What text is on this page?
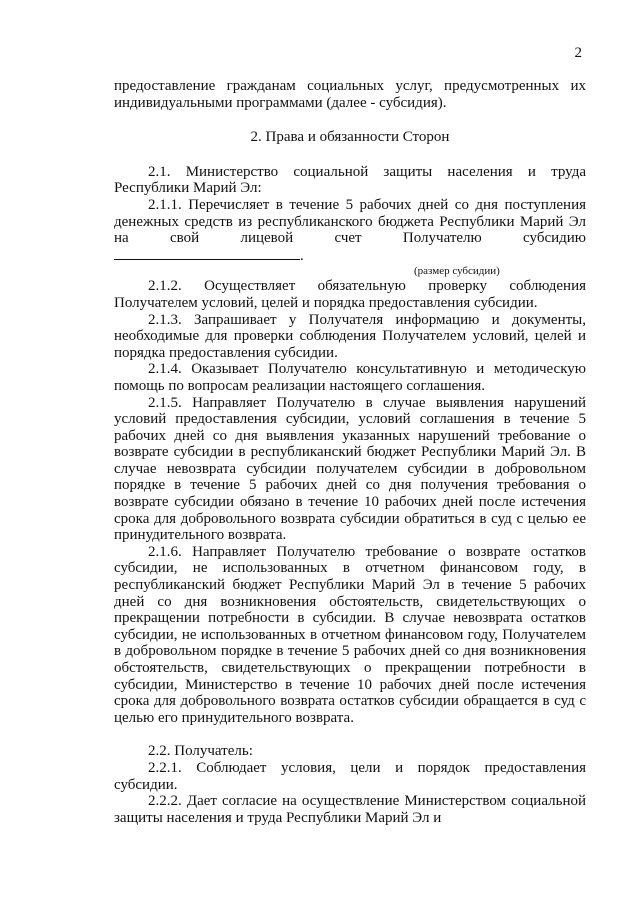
2

предоставление гражданам социальных услуг, предусмотренных их индивидуальными программами (далее - субсидия).

2. Права и обязанности Сторон

2.1. Министерство социальной защиты населения и труда Республики Марий Эл:

2.1.1. Перечисляет в течение 5 рабочих дней со дня поступления денежных средств из республиканского бюджета Республики Марий Эл на свой лицевой счет Получателю субсидию .

(размер субсидии)

2.1.2. Осуществляет обязательную проверку соблюдения Получателем условий, целей и порядка предоставления субсидии.

2.1.3. Запрашивает у Получателя информацию и документы, необходимые для проверки соблюдения Получателем условий, целей и порядка предоставления субсидии.

2.1.4. Оказывает Получателю консультативную и методическую помощь по вопросам реализации настоящего соглашения.

2.1.5. Направляет Получателю в случае выявления нарушений условий предоставления субсидии, условий соглашения в течение 5 рабочих дней со дня выявления указанных нарушений требование о возврате субсидии в республиканский бюджет Республики Марий Эл. В случае невозврата субсидии получателем субсидии в добровольном порядке в течение 5 рабочих дней со дня получения требования о возврате субсидии обязано в течение 10 рабочих дней после истечения срока для добровольного возврата субсидии обратиться в суд с целью ее принудительного возврата.

2.1.6. Направляет Получателю требование о возврате остатков субсидии, не использованных в отчетном финансовом году, в республиканский бюджет Республики Марий Эл в течение 5 рабочих дней со дня возникновения обстоятельств, свидетельствующих о прекращении потребности в субсидии. В случае невозврата остатков субсидии, не использованных в отчетном финансовом году, Получателем в добровольном порядке в течение 5 рабочих дней со дня возникновения обстоятельств, свидетельствующих о прекращении потребности в субсидии, Министерство в течение 10 рабочих дней после истечения срока для добровольного возврата остатков субсидии обращается в суд с целью его принудительного возврата.

2.2. Получатель:

2.2.1. Соблюдает условия, цели и порядок предоставления субсидии.

2.2.2. Дает согласие на осуществление Министерством социальной защиты населения и труда Республики Марий Эл и
